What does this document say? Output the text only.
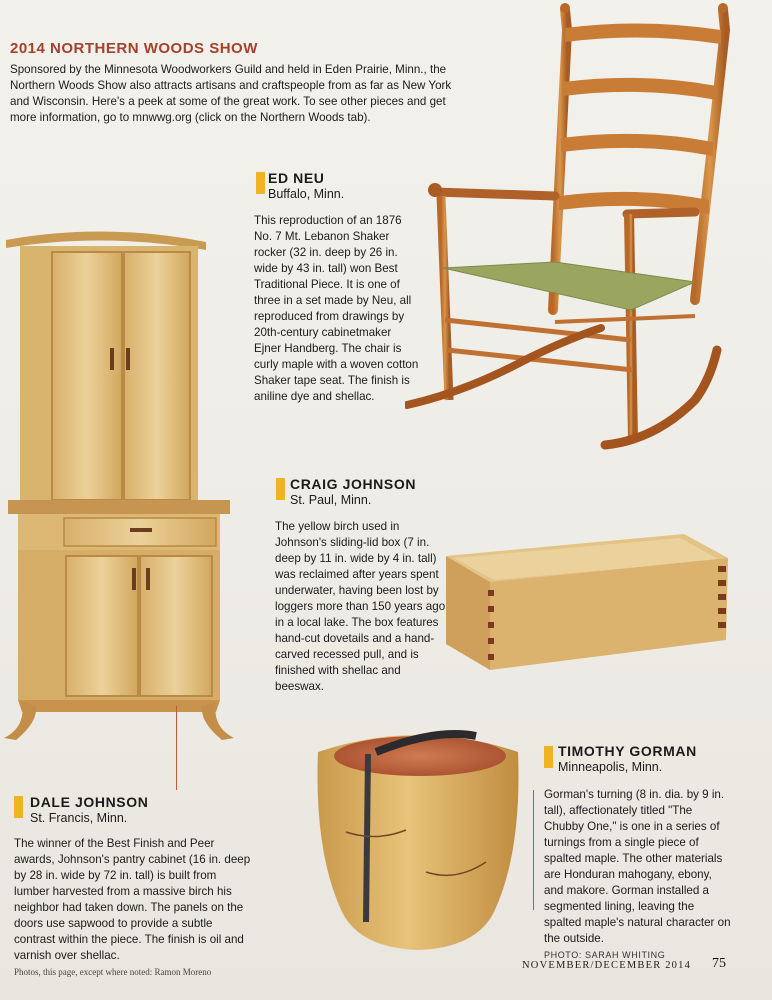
2014 NORTHERN WOODS SHOW
Sponsored by the Minnesota Woodworkers Guild and held in Eden Prairie, Minn., the Northern Woods Show also attracts artisans and craftspeople from as far as New York and Wisconsin. Here's a peek at some of the great work. To see other pieces and get more information, go to mnwwg.org (click on the Northern Woods tab).
ED NEU
Buffalo, Minn.
This reproduction of an 1876 No. 7 Mt. Lebanon Shaker rocker (32 in. deep by 26 in. wide by 43 in. tall) won Best Traditional Piece. It is one of three in a set made by Neu, all reproduced from drawings by 20th-century cabinetmaker Ejner Handberg. The chair is curly maple with a woven cotton Shaker tape seat. The finish is aniline dye and shellac.
CRAIG JOHNSON
St. Paul, Minn.
The yellow birch used in Johnson's sliding-lid box (7 in. deep by 11 in. wide by 4 in. tall) was reclaimed after years spent underwater, having been lost by loggers more than 150 years ago in a local lake. The box features hand-cut dovetails and a hand-carved recessed pull, and is finished with shellac and beeswax.
TIMOTHY GORMAN
Minneapolis, Minn.
Gorman's turning (8 in. dia. by 9 in. tall), affectionately titled "The Chubby One," is one in a series of turnings from a single piece of spalted maple. The other materials are Honduran mahogany, ebony, and makore. Gorman installed a segmented lining, leaving the spalted maple's natural character on the outside.
PHOTO: SARAH WHITING
DALE JOHNSON
St. Francis, Minn.
The winner of the Best Finish and Peer awards, Johnson's pantry cabinet (16 in. deep by 28 in. wide by 72 in. tall) is built from lumber harvested from a massive birch his neighbor had taken down. The panels on the doors use sapwood to provide a subtle contrast within the piece. The finish is oil and varnish over shellac.
Photos, this page, except where noted: Ramon Moreno
NOVEMBER/DECEMBER 2014 75
